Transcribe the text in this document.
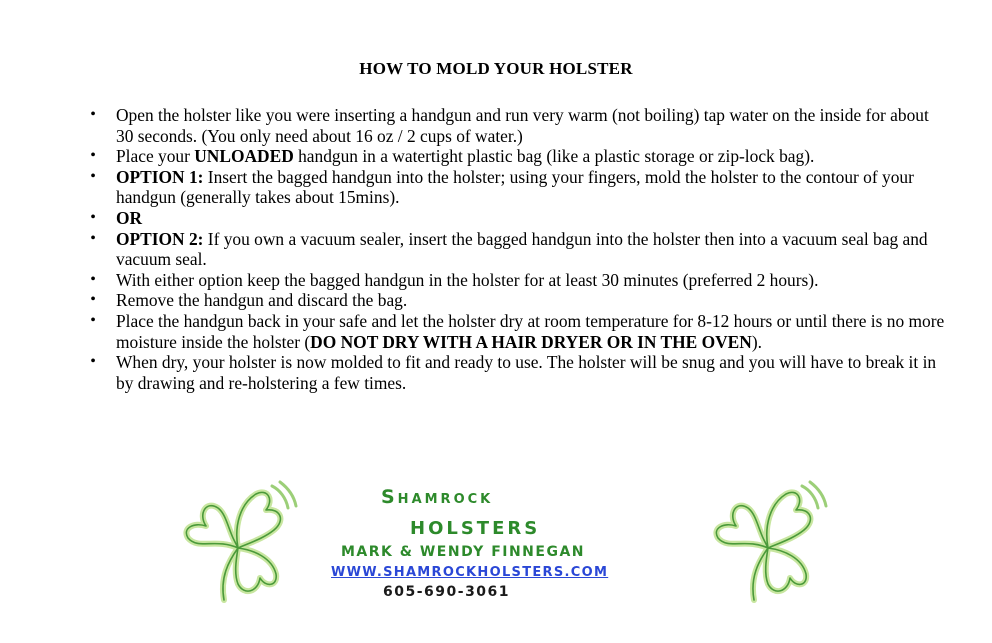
HOW TO MOLD YOUR HOLSTER
• Open the holster like you were inserting a handgun and run very warm (not boiling) tap water on the inside for about 30 seconds. (You only need about 16 oz / 2 cups of water.)
• Place your UNLOADED handgun in a watertight plastic bag (like a plastic storage or zip-lock bag).
• OPTION 1: Insert the bagged handgun into the holster; using your fingers, mold the holster to the contour of your handgun (generally takes about 15mins).
• OR
• OPTION 2: If you own a vacuum sealer, insert the bagged handgun into the holster then into a vacuum seal bag and vacuum seal.
• With either option keep the bagged handgun in the holster for at least 30 minutes (preferred 2 hours).
• Remove the handgun and discard the bag.
• Place the handgun back in your safe and let the holster dry at room temperature for 8-12 hours or until there is no more moisture inside the holster (DO NOT DRY WITH A HAIR DRYER OR IN THE OVEN).
• When dry, your holster is now molded to fit and ready to use. The holster will be snug and you will have to break it in by drawing and re-holstering a few times.
Shamrock
HOLSTERS
MARK & WENDY FINNEGAN
WWW.SHAMROCKHOLSTERS.COM
605-690-3061
